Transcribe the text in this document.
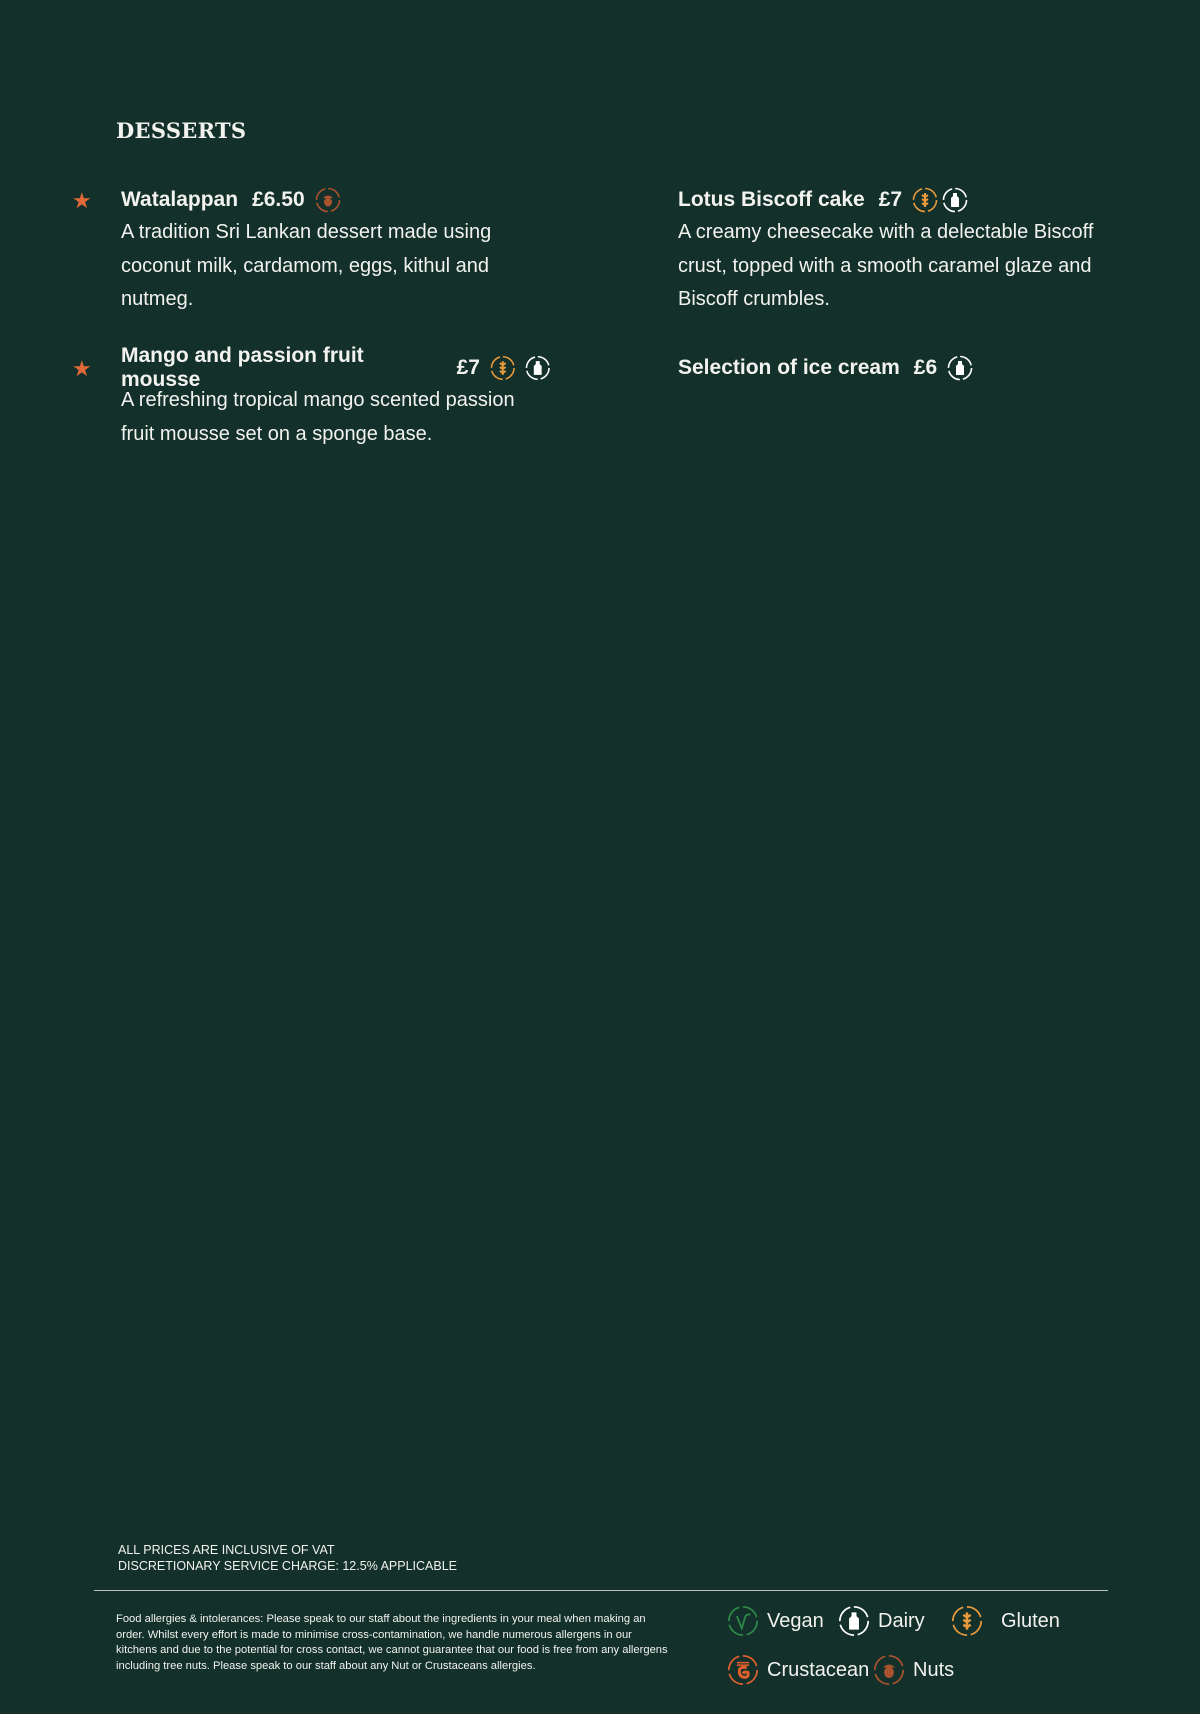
DESSERTS
★ Watalappan £6.50
A tradition Sri Lankan dessert made using coconut milk, cardamom, eggs, kithul and nutmeg.
Lotus Biscoff cake £7
A creamy cheesecake with a delectable Biscoff crust, topped with a smooth caramel glaze and Biscoff crumbles.
★
Mango and passion fruit mousse
£7
A refreshing tropical mango scented passion fruit mousse set on a sponge base.
Selection of ice cream £6
ALL PRICES ARE INCLUSIVE OF VAT
DISCRETIONARY SERVICE CHARGE: 12.5% APPLICABLE
Food allergies & intolerances: Please speak to our staff about the ingredients in your meal when making an order. Whilst every effort is made to minimise cross-contamination, we handle numerous allergens in our kitchens and due to the potential for cross contact, we cannot guarantee that our food is free from any allergens including tree nuts. Please speak to our staff about any Nut or Crustaceans allergies.
Vegan	Dairy	Gluten
Crustacean Nuts
